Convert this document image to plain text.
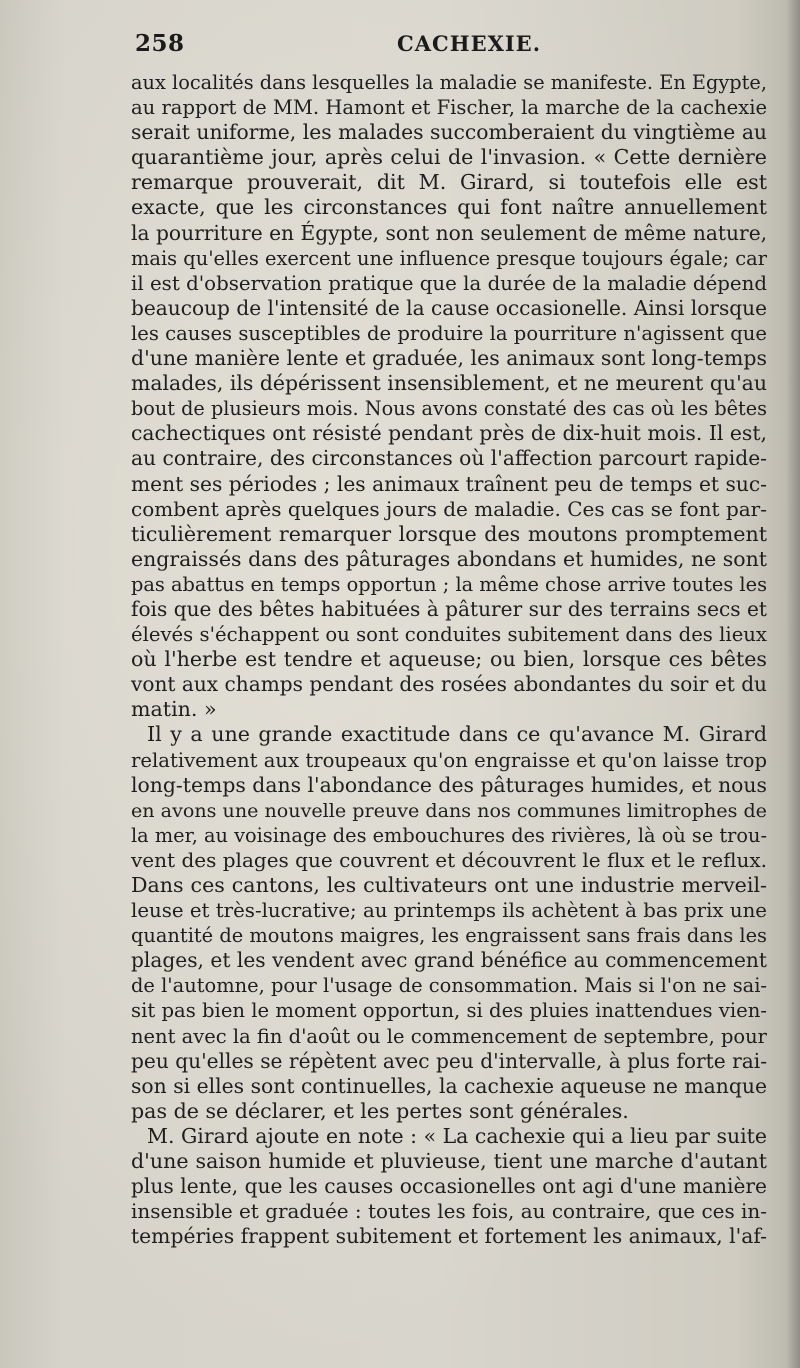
258	CACHEXIE.
aux localités dans lesquelles la maladie se manifeste. En Egypte,
au rapport de MM. Hamont et Fischer, la marche de la cachexie
serait uniforme, les malades succomberaient du vingtième au
quarantième jour, après celui de l'invasion. « Cette dernière
remarque prouverait, dit M. Girard, si toutefois elle est
exacte, que les circonstances qui font naître annuellement
la pourriture en Égypte, sont non seulement de même nature,
mais qu'elles exercent une influence presque toujours égale; car
il est d'observation pratique que la durée de la maladie dépend
beaucoup de l'intensité de la cause occasionelle. Ainsi lorsque
les causes susceptibles de produire la pourriture n'agissent que
d'une manière lente et graduée, les animaux sont long-temps
malades, ils dépérissent insensiblement, et ne meurent qu'au
bout de plusieurs mois. Nous avons constaté des cas où les bêtes
cachectiques ont résisté pendant près de dix-huit mois. Il est,
au contraire, des circonstances où l'affection parcourt rapide-
ment ses périodes ; les animaux traînent peu de temps et suc-
combent après quelques jours de maladie. Ces cas se font par-
ticulièrement remarquer lorsque des moutons promptement
engraissés dans des pâturages abondans et humides, ne sont
pas abattus en temps opportun ; la même chose arrive toutes les
fois que des bêtes habituées à pâturer sur des terrains secs et
élevés s'échappent ou sont conduites subitement dans des lieux
où l'herbe est tendre et aqueuse; ou bien, lorsque ces bêtes
vont aux champs pendant des rosées abondantes du soir et du
matin. »
Il y a une grande exactitude dans ce qu'avance M. Girard
relativement aux troupeaux qu'on engraisse et qu'on laisse trop
long-temps dans l'abondance des pâturages humides, et nous
en avons une nouvelle preuve dans nos communes limitrophes de
la mer, au voisinage des embouchures des rivières, là où se trou-
vent des plages que couvrent et découvrent le flux et le reflux.
Dans ces cantons, les cultivateurs ont une industrie merveil-
leuse et très-lucrative; au printemps ils achètent à bas prix une
quantité de moutons maigres, les engraissent sans frais dans les
plages, et les vendent avec grand bénéfice au commencement
de l'automne, pour l'usage de consommation. Mais si l'on ne sai-
sit pas bien le moment opportun, si des pluies inattendues vien-
nent avec la fin d'août ou le commencement de septembre, pour
peu qu'elles se répètent avec peu d'intervalle, à plus forte rai-
son si elles sont continuelles, la cachexie aqueuse ne manque
pas de se déclarer, et les pertes sont générales.
M. Girard ajoute en note : « La cachexie qui a lieu par suite
d'une saison humide et pluvieuse, tient une marche d'autant
plus lente, que les causes occasionelles ont agi d'une manière
insensible et graduée : toutes les fois, au contraire, que ces in-
tempéries frappent subitement et fortement les animaux, l'af-
